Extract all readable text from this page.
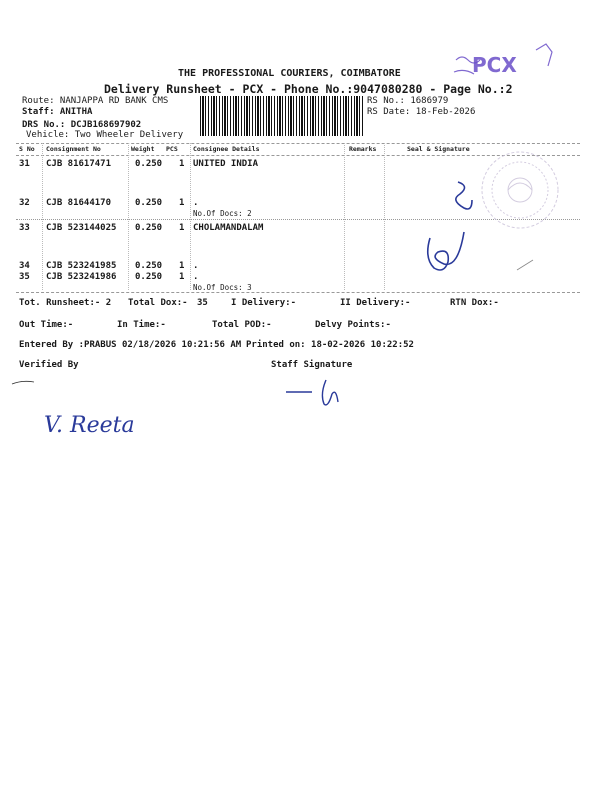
THE PROFESSIONAL COURIERS, COIMBATORE
Delivery Runsheet - PCX - Phone No.:9047080280 - Page No.:2
Route: NANJAPPA RD BANK CMS
Staff: ANITHA
DRS No.: DCJB168697902
Vehicle: Two Wheeler Delivery
RS No.: 1686979
RS Date: 18-Feb-2026
PCX
S No Consignment No	Weight PCS Consignee Details	Remarks	Seal & Signature
31 CJB 81617471	0.250 1 UNITED INDIA
32 CJB 81644170	0.250 1 .
No.Of Docs: 2
33 CJB 523144025 0.250 1 CHOLAMANDALAM
34 CJB 523241985 0.250 1 .
35 CJB 523241986 0.250 1 .
No.Of Docs: 3
Tot. Runsheet:- 2 Total Dox:- 35	I Delivery:-	II Delivery:-	RTN Dox:-
Out Time:-	In Time:-	Total POD:-	Delvy Points:-
Entered By :PRABUS 02/18/2026 10:21:56 AM Printed on: 18-02-2026 10:22:52
Verified By	Staff Signature
V. Reeta
